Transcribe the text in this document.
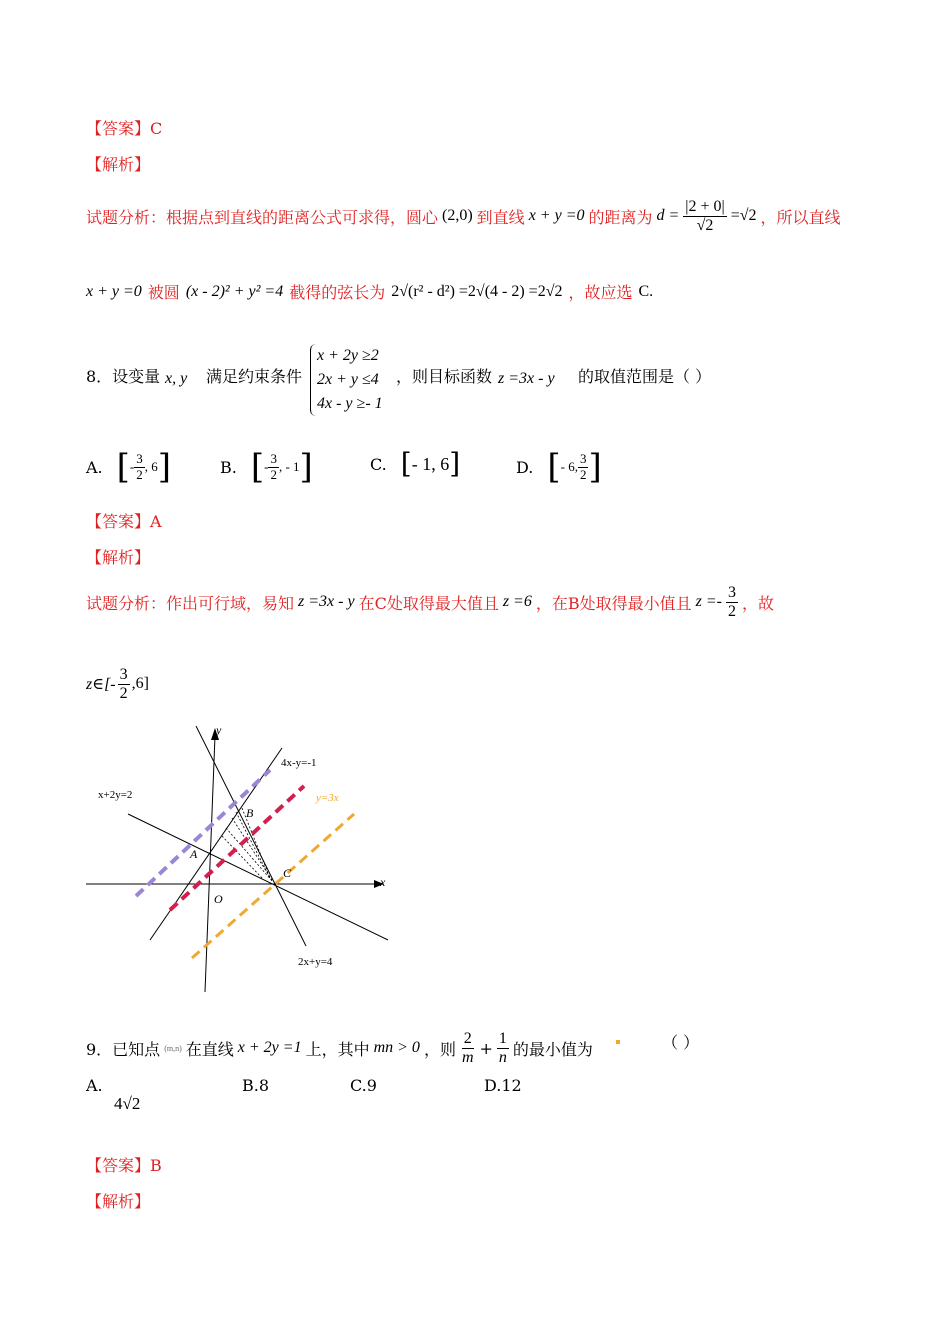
【答案】C
【解析】
试题分析：根据点到直线的距离公式可求得，圆心 (2,0) 到直线 x + y =0 的距离为 $d = \frac{|2 + 0|}{√2} =√2$ ，所以直线
x + y =0 被圆 (x - 2)² + y² =4 截得的弦长为 2√(r² - d²) =2√(4 - 2) =2√2 ，故应选 C.
8．设变量 x, y 满足约束条件
x + 2y ≥2
2x + y ≤4
4x - y ≥- 1
，则目标函数 z =3x - y 的取值范围是（ ）
A. [ - $\frac{3}{2}$ , 6 ]	B. [ - $\frac{3}{2}$ , - 1 ]	C. [ - 1, 6 ]	D. [ - 6, $\frac{3}{2}$ ]
【答案】A
【解析】
试题分析：作出可行域，易知 z =3x - y 在C处取得最大值且 z =6 ，在B处取得最小值且 $z =- \frac{3}{2}$ ，故
z∈[- $\frac{3}{2} ,6$]
y
x
O
A
B
C
x+2y=2
4x-y=-1
2x+y=4
y=3x
9．已知点 (m,n) 在直线 x + 2y =1 上，其中 mn > 0 ，则 $\frac{2}{m} + \frac{1}{n}$ 的最小值为	（ ）
A.
4√2
B.8	C.9	D.12
【答案】B
【解析】
